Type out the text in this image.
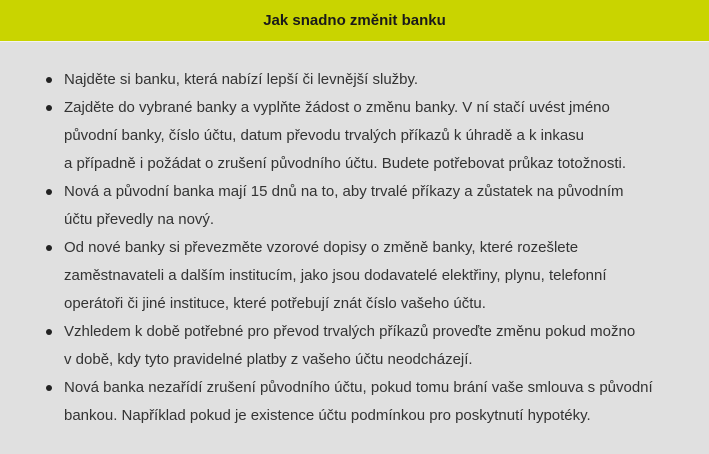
Jak snadno změnit banku
Najděte si banku, která nabízí lepší či levnější služby.
Zajděte do vybrané banky a vyplňte žádost o změnu banky. V ní stačí uvést jméno
původní banky, číslo účtu, datum převodu trvalých příkazů k úhradě a k inkasu
a případně i požádat o zrušení původního účtu. Budete potřebovat průkaz totožnosti.
Nová a původní banka mají 15 dnů na to, aby trvalé příkazy a zůstatek na původním
účtu převedly na nový.
Od nové banky si převezměte vzorové dopisy o změně banky, které rozešlete
zaměstnavateli a dalším institucím, jako jsou dodavatelé elektřiny, plynu, telefonní
operátoři či jiné instituce, které potřebují znát číslo vašeho účtu.
Vzhledem k době potřebné pro převod trvalých příkazů proveďte změnu pokud možno
v době, kdy tyto pravidelné platby z vašeho účtu neodcházejí.
Nová banka nezařídí zrušení původního účtu, pokud tomu brání vaše smlouva s původní
bankou. Například pokud je existence účtu podmínkou pro poskytnutí hypotéky.
